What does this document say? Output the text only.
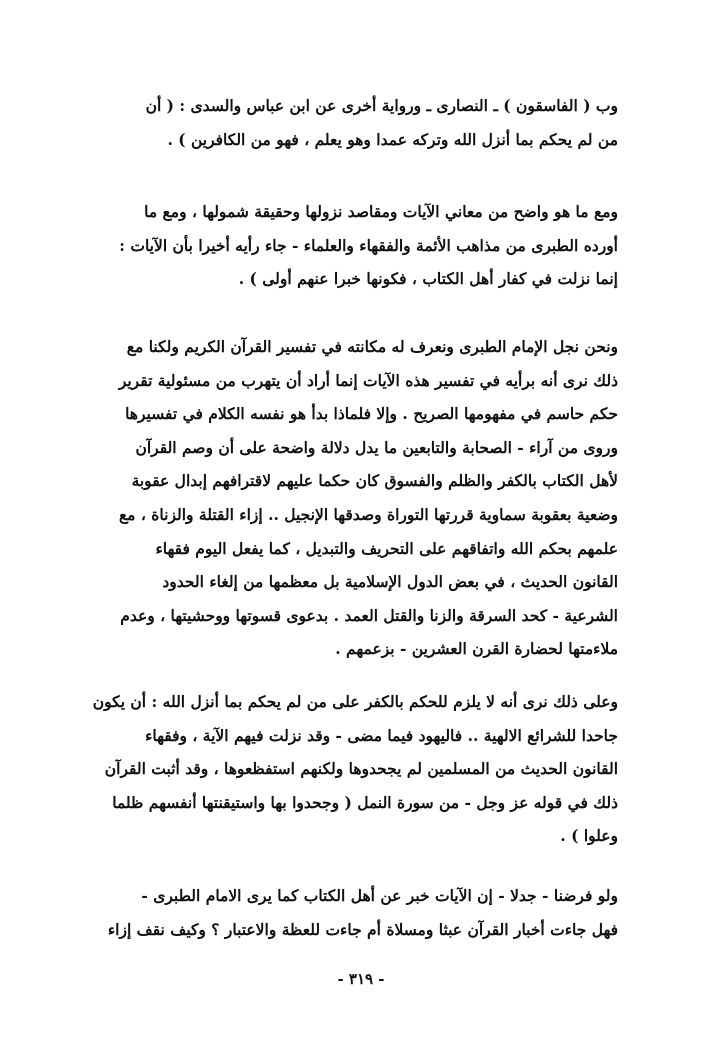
وب ( الفاسقون ) ـ النصارى ـ ورواية أخرى عن ابن عباس والسدى : ( أن
من لم يحكم بما أنزل الله وتركه عمدا وهو يعلم ، فهو من الكافرين ) .
ومع ما هو واضح من معاني الآيات ومقاصد نزولها وحقيقة شمولها ، ومع ما
أورده الطبرى من مذاهب الأئمة والفقهاء والعلماء - جاء رأيه أخيرا بأن الآيات :
إنما نزلت في كفار أهل الكتاب ، فكونها خبرا عنهم أولى ) .
ونحن نجل الإمام الطبرى ونعرف له مكانته في تفسير القرآن الكريم ولكنا مع
ذلك نرى أنه برأيه في تفسير هذه الآيات إنما أراد أن يتهرب من مسئولية تقرير
حكم حاسم في مفهومها الصريح . وإلا فلماذا بدأ هو نفسه الكلام في تفسيرها
وروى من آراء - الصحابة والتابعين ما يدل دلالة واضحة على أن وصم القرآن
لأهل الكتاب بالكفر والظلم والفسوق كان حكما عليهم لاقترافهم إبدال عقوبة
وضعية بعقوبة سماوية قررتها التوراة وصدقها الإنجيل .. إزاء القتلة والزناة ، مع
علمهم بحكم الله واتفاقهم على التحريف والتبديل ، كما يفعل اليوم فقهاء
القانون الحديث ، في بعض الدول الإسلامية بل معظمها من إلغاء الحدود
الشرعية - كحد السرقة والزنا والقتل العمد . بدعوى قسوتها ووحشيتها ، وعدم
ملاءمتها لحضارة القرن العشرين - بزعمهم .
وعلى ذلك نرى أنه لا يلزم للحكم بالكفر على من لم يحكم بما أنزل الله : أن يكون
جاحدا للشرائع الالهية .. فاليهود فيما مضى - وقد نزلت فيهم الآية ، وفقهاء
القانون الحديث من المسلمين لم يجحدوها ولكنهم استفظعوها ، وقد أثبت القرآن
ذلك في قوله عز وجل - من سورة النمل ( وجحدوا بها واستيقنتها أنفسهم ظلما
وعلوا ) .
ولو فرضنا - جدلا - إن الآيات خبر عن أهل الكتاب كما يرى الامام الطبرى -
فهل جاءت أخبار القرآن عبثا ومسلاة أم جاءت للعظة والاعتبار ؟ وكيف نقف إزاء
- ٣١٩ -
